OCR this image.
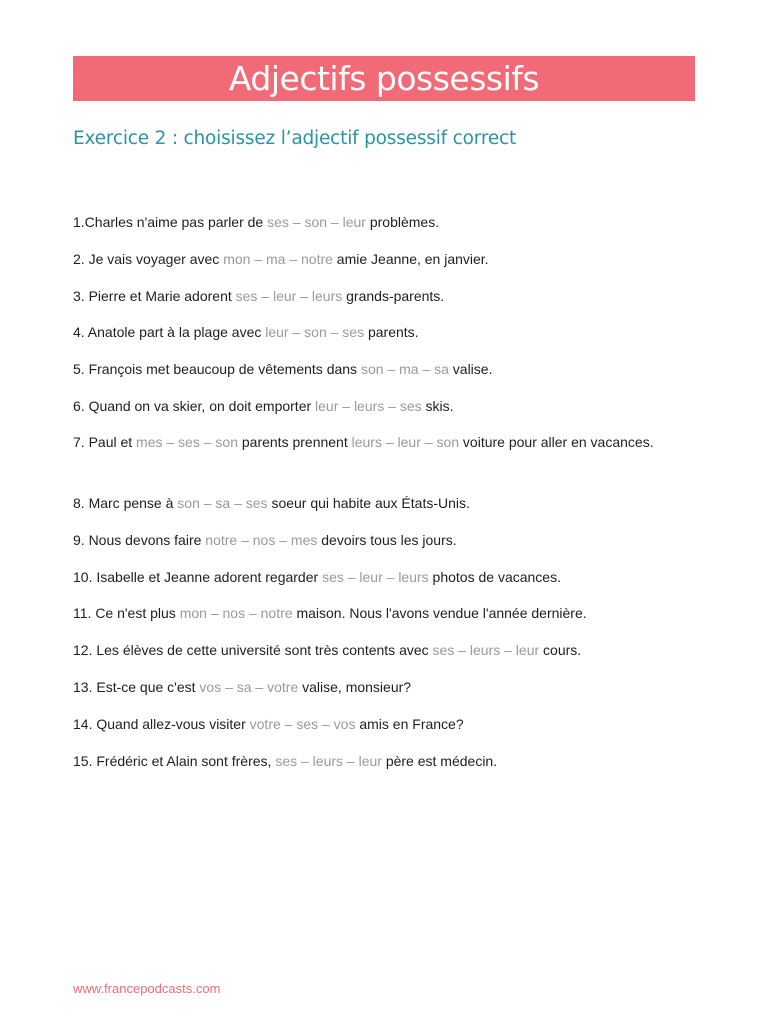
Adjectifs possessifs
Exercice 2 : choisissez l’adjectif possessif correct
1.Charles n'aime pas parler de ses – son – leur problèmes.
2. Je vais voyager avec mon – ma – notre amie Jeanne, en janvier.
3. Pierre et Marie adorent ses – leur – leurs grands-parents.
4. Anatole part à la plage avec leur – son – ses parents.
5. François met beaucoup de vêtements dans son – ma – sa valise.
6. Quand on va skier, on doit emporter leur – leurs – ses skis.
7. Paul et mes – ses – son parents prennent leurs – leur – son voiture pour aller en vacances.
8. Marc pense à son – sa – ses soeur qui habite aux États-Unis.
9. Nous devons faire notre – nos – mes devoirs tous les jours.
10. Isabelle et Jeanne adorent regarder ses – leur – leurs photos de vacances.
11. Ce n'est plus mon – nos – notre maison. Nous l'avons vendue l'année dernière.
12. Les élèves de cette université sont très contents avec ses – leurs – leur cours.
13. Est-ce que c'est vos – sa – votre valise, monsieur?
14. Quand allez-vous visiter votre – ses – vos amis en France?
15. Frédéric et Alain sont frères, ses – leurs – leur père est médecin.
www.francepodcasts.com
